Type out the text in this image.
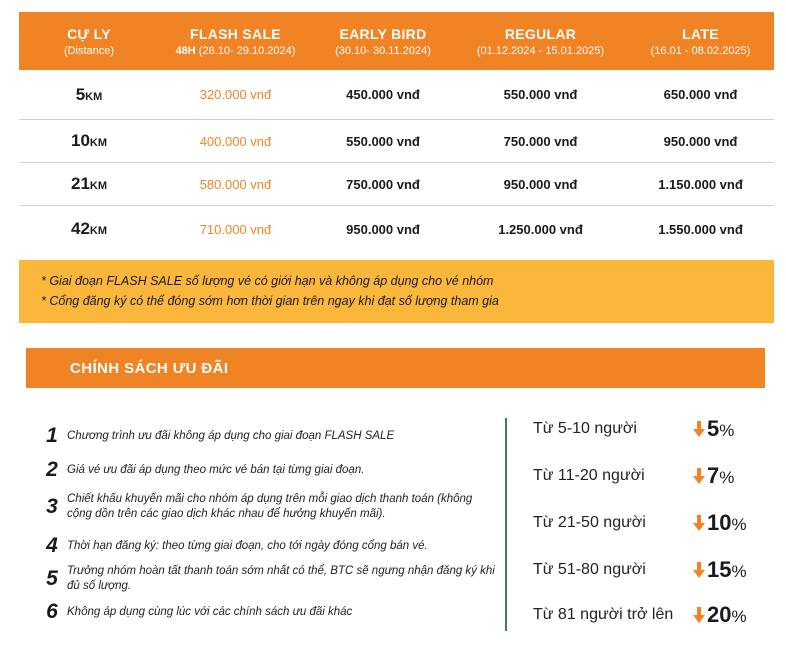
CỰ LY
(Distance)
FLASH SALE
48H (28.10- 29.10.2024)
EARLY BIRD
(30.10- 30.11.2024)
REGULAR
(01.12.2024 - 15.01.2025)
LATE
(16.01 - 08.02.2025)
5KM	320.000 vnđ	450.000 vnđ	550.000 vnđ	650.000 vnđ
10KM	400.000 vnđ	550.000 vnđ	750.000 vnđ	950.000 vnđ
21KM	580.000 vnđ	750.000 vnđ	950.000 vnđ	1.150.000 vnđ
42KM	710.000 vnđ	950.000 vnđ	1.250.000 vnđ	1.550.000 vnđ

* Giai đoạn FLASH SALE số lượng vé có giới hạn và không áp dụng cho vé nhóm

* Cổng đăng ký có thể đóng sớm hơn thời gian trên ngay khi đạt số lượng tham gia

CHÍNH SÁCH ƯU ĐÃI
1 Chương trình ưu đãi không áp dụng cho giai đoạn FLASH SALE
2 Giá vé ưu đãi áp dụng theo mức vé bán tại từng giai đoạn.
3 Chiết khấu khuyến mãi cho nhóm áp dụng trên mỗi giao dịch thanh toán (không cộng dồn trên các giao dịch khác nhau để hưởng khuyến mãi).
4 Thời hạn đăng ký: theo từng giai đoạn, cho tới ngày đóng cổng bán vé.
5 Trưởng nhóm hoàn tất thanh toán sớm nhất có thể, BTC sẽ ngưng nhận đăng ký khi đủ số lượng.
6 Không áp dụng cùng lúc với các chính sách ưu đãi khác
Từ 5-10 người	5%
Từ 11-20 người	7%
Từ 21-50 người	10%
Từ 51-80 người	15%
Từ 81 người trở lên	20%
